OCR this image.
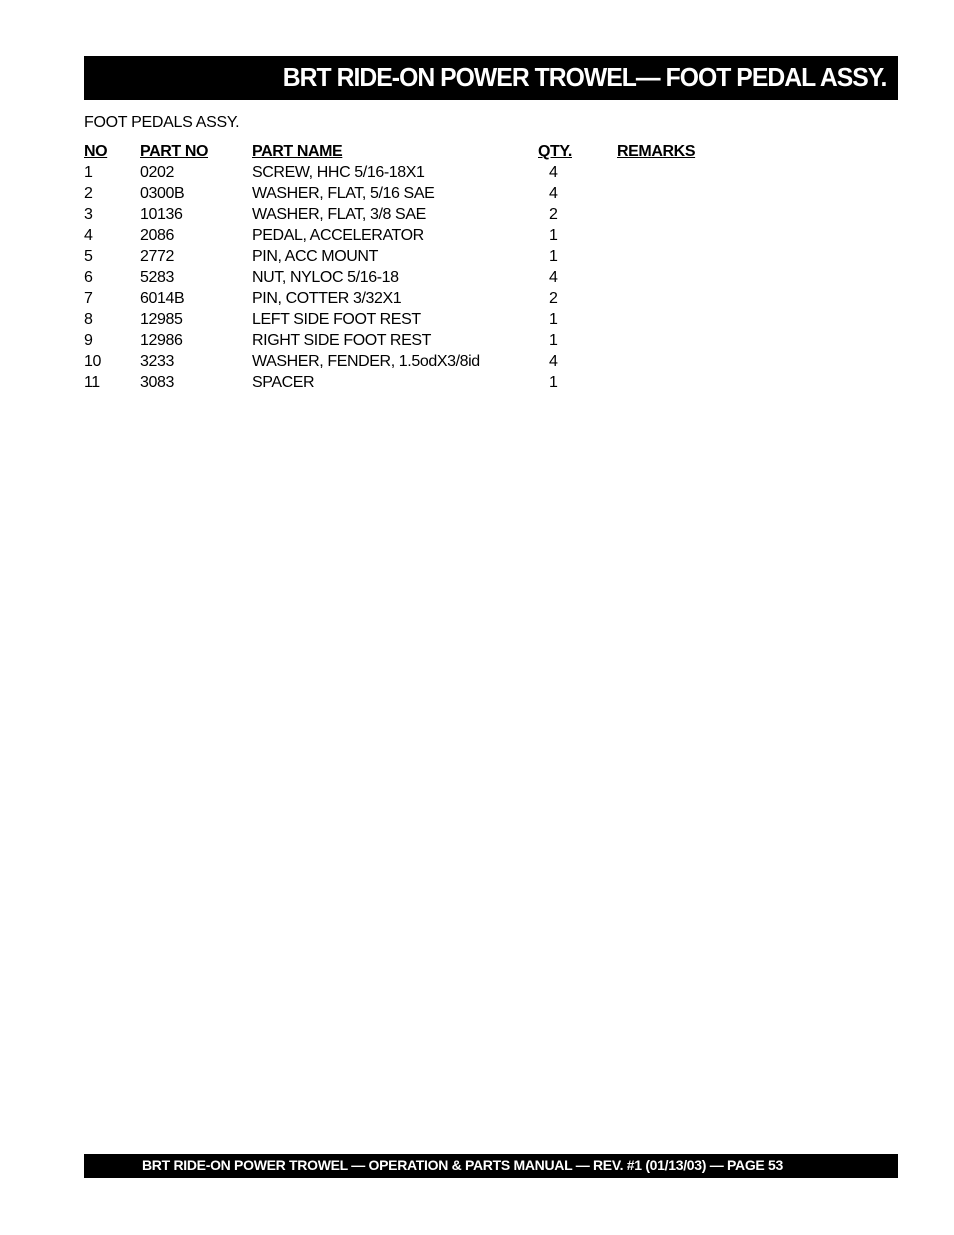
BRT RIDE-ON POWER TROWEL— FOOT PEDAL ASSY.
FOOT PEDALS ASSY.
NO	PART NO	PART NAME	QTY.	REMARKS
1	0202	SCREW, HHC 5/16-18X1	4	
2	0300B	WASHER, FLAT, 5/16 SAE	4	
3	10136	WASHER, FLAT, 3/8 SAE	2	
4	2086	PEDAL, ACCELERATOR	1	
5	2772	PIN, ACC MOUNT	1	
6	5283	NUT, NYLOC 5/16-18	4	
7	6014B	PIN, COTTER 3/32X1	2	
8	12985	LEFT SIDE FOOT REST	1	
9	12986	RIGHT SIDE FOOT REST	1	
10	3233	WASHER, FENDER, 1.5odX3/8id	4	
11	3083	SPACER	1	
BRT RIDE-ON POWER TROWEL — OPERATION & PARTS MANUAL — REV. #1 (01/13/03) — PAGE 53
